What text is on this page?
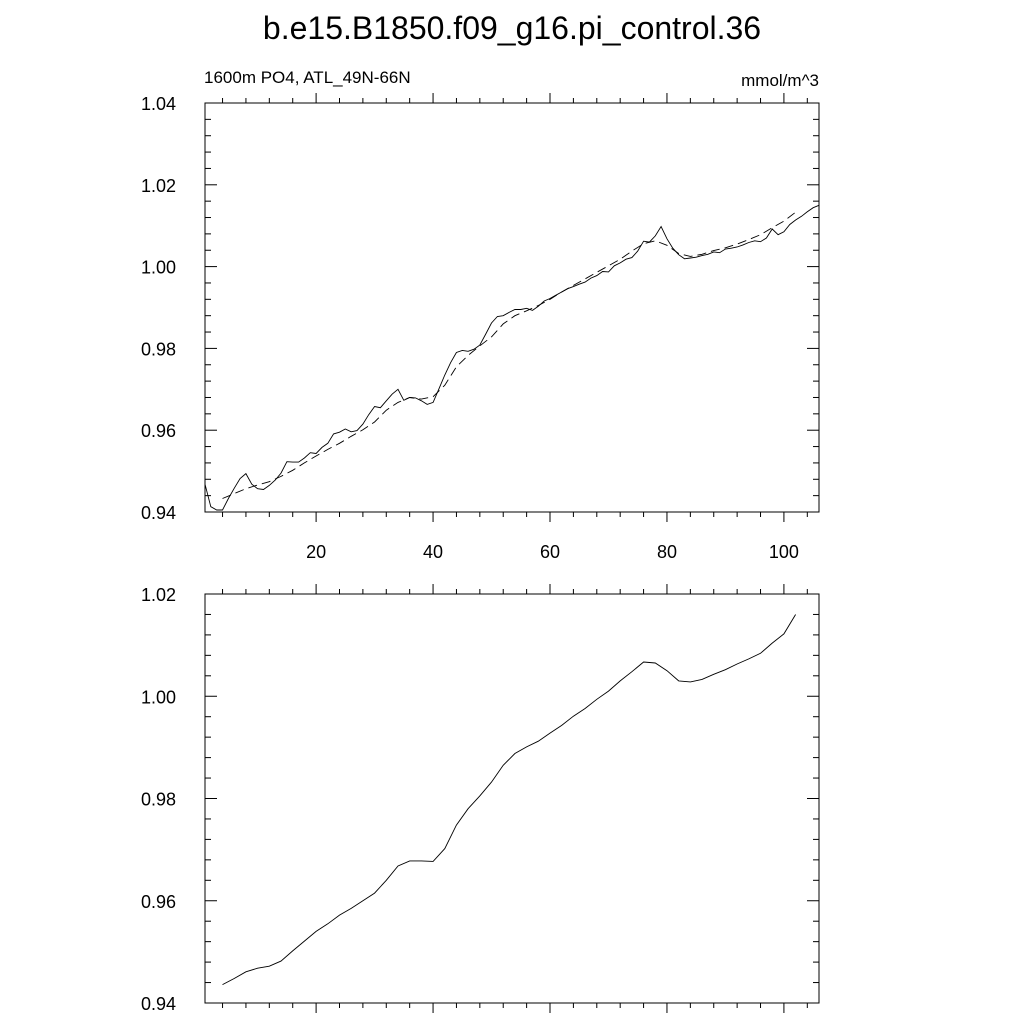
b.e15.B1850.f09_g16.pi_control.36
1600m PO4, ATL_49N-66N	mmol/m^3
20	40	60	80	100
0.94
0.96
0.98
1.00
1.02
1.04
0.94
0.96
0.98
1.00
1.02
